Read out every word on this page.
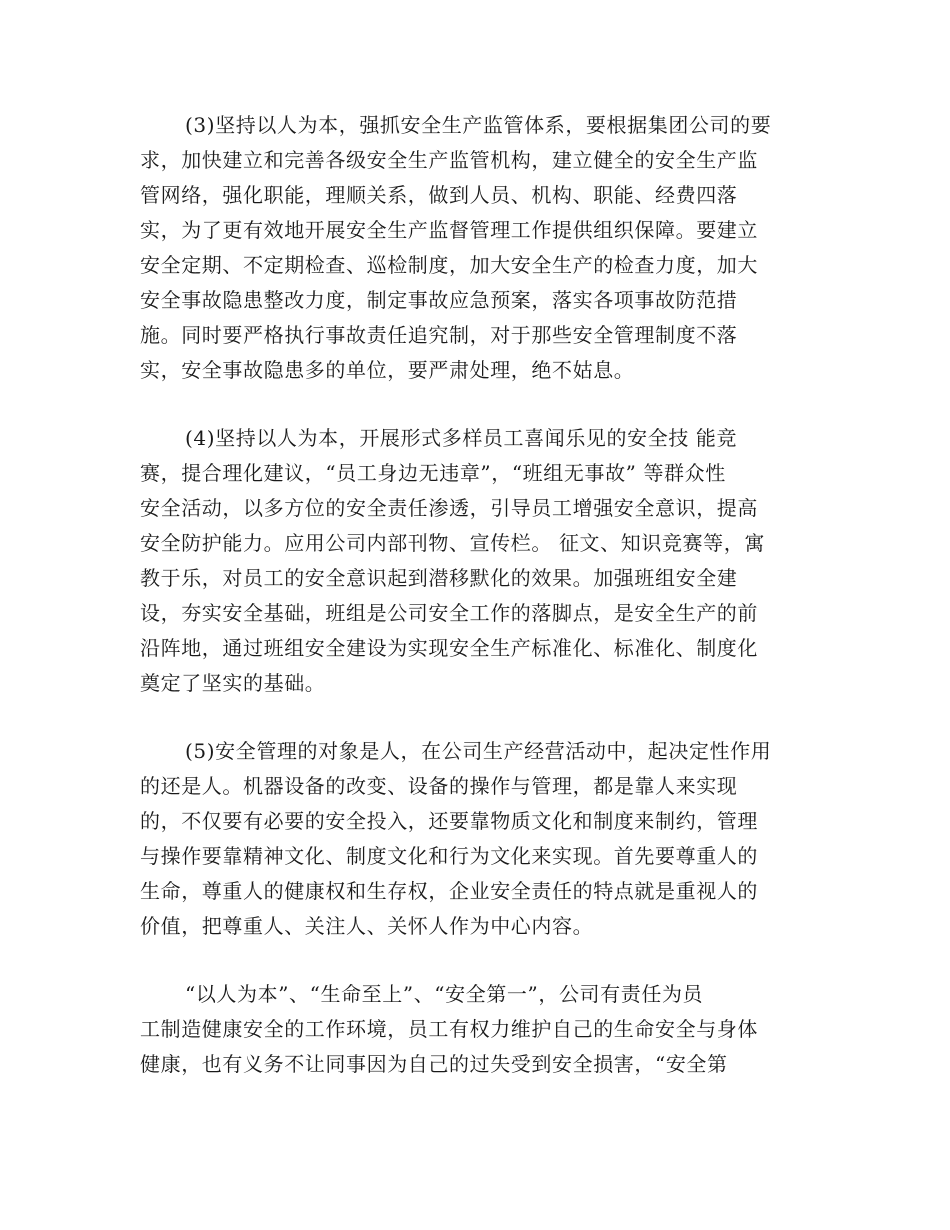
(3)坚持以人为本，强抓安全生产监管体系，要根据集团公司的要
求，加快建立和完善各级安全生产监管机构，建立健全的安全生产监
管网络，强化职能，理顺关系，做到人员、机构、职能、经费四落
实，为了更有效地开展安全生产监督管理工作提供组织保障。要建立
安全定期、不定期检查、巡检制度，加大安全生产的检查力度，加大
安全事故隐患整改力度，制定事故应急预案，落实各项事故防范措
施。同时要严格执行事故责任追究制，对于那些安全管理制度不落
实，安全事故隐患多的单位，要严肃处理，绝不姑息。
(4)坚持以人为本，开展形式多样员工喜闻乐见的安全技 能竞
赛，提合理化建议，“员工身边无违章”，“班组无事故” 等群众性
安全活动，以多方位的安全责任渗透，引导员工增强安全意识，提高
安全防护能力。应用公司内部刊物、宣传栏。 征文、知识竞赛等，寓
教于乐，对员工的安全意识起到潜移默化的效果。加强班组安全建
设，夯实安全基础，班组是公司安全工作的落脚点，是安全生产的前
沿阵地，通过班组安全建设为实现安全生产标准化、标准化、制度化
奠定了坚实的基础。
(5)安全管理的对象是人，在公司生产经营活动中，起决定性作用
的还是人。机器设备的改变、设备的操作与管理，都是靠人来实现
的，不仅要有必要的安全投入，还要靠物质文化和制度来制约，管理
与操作要靠精神文化、制度文化和行为文化来实现。首先要尊重人的
生命，尊重人的健康权和生存权，企业安全责任的特点就是重视人的
价值，把尊重人、关注人、关怀人作为中心内容。
“以人为本”、“生命至上”、“安全第一”，公司有责任为员
工制造健康安全的工作环境，员工有权力维护自己的生命安全与身体
健康，也有义务不让同事因为自己的过失受到安全损害，“安全第
